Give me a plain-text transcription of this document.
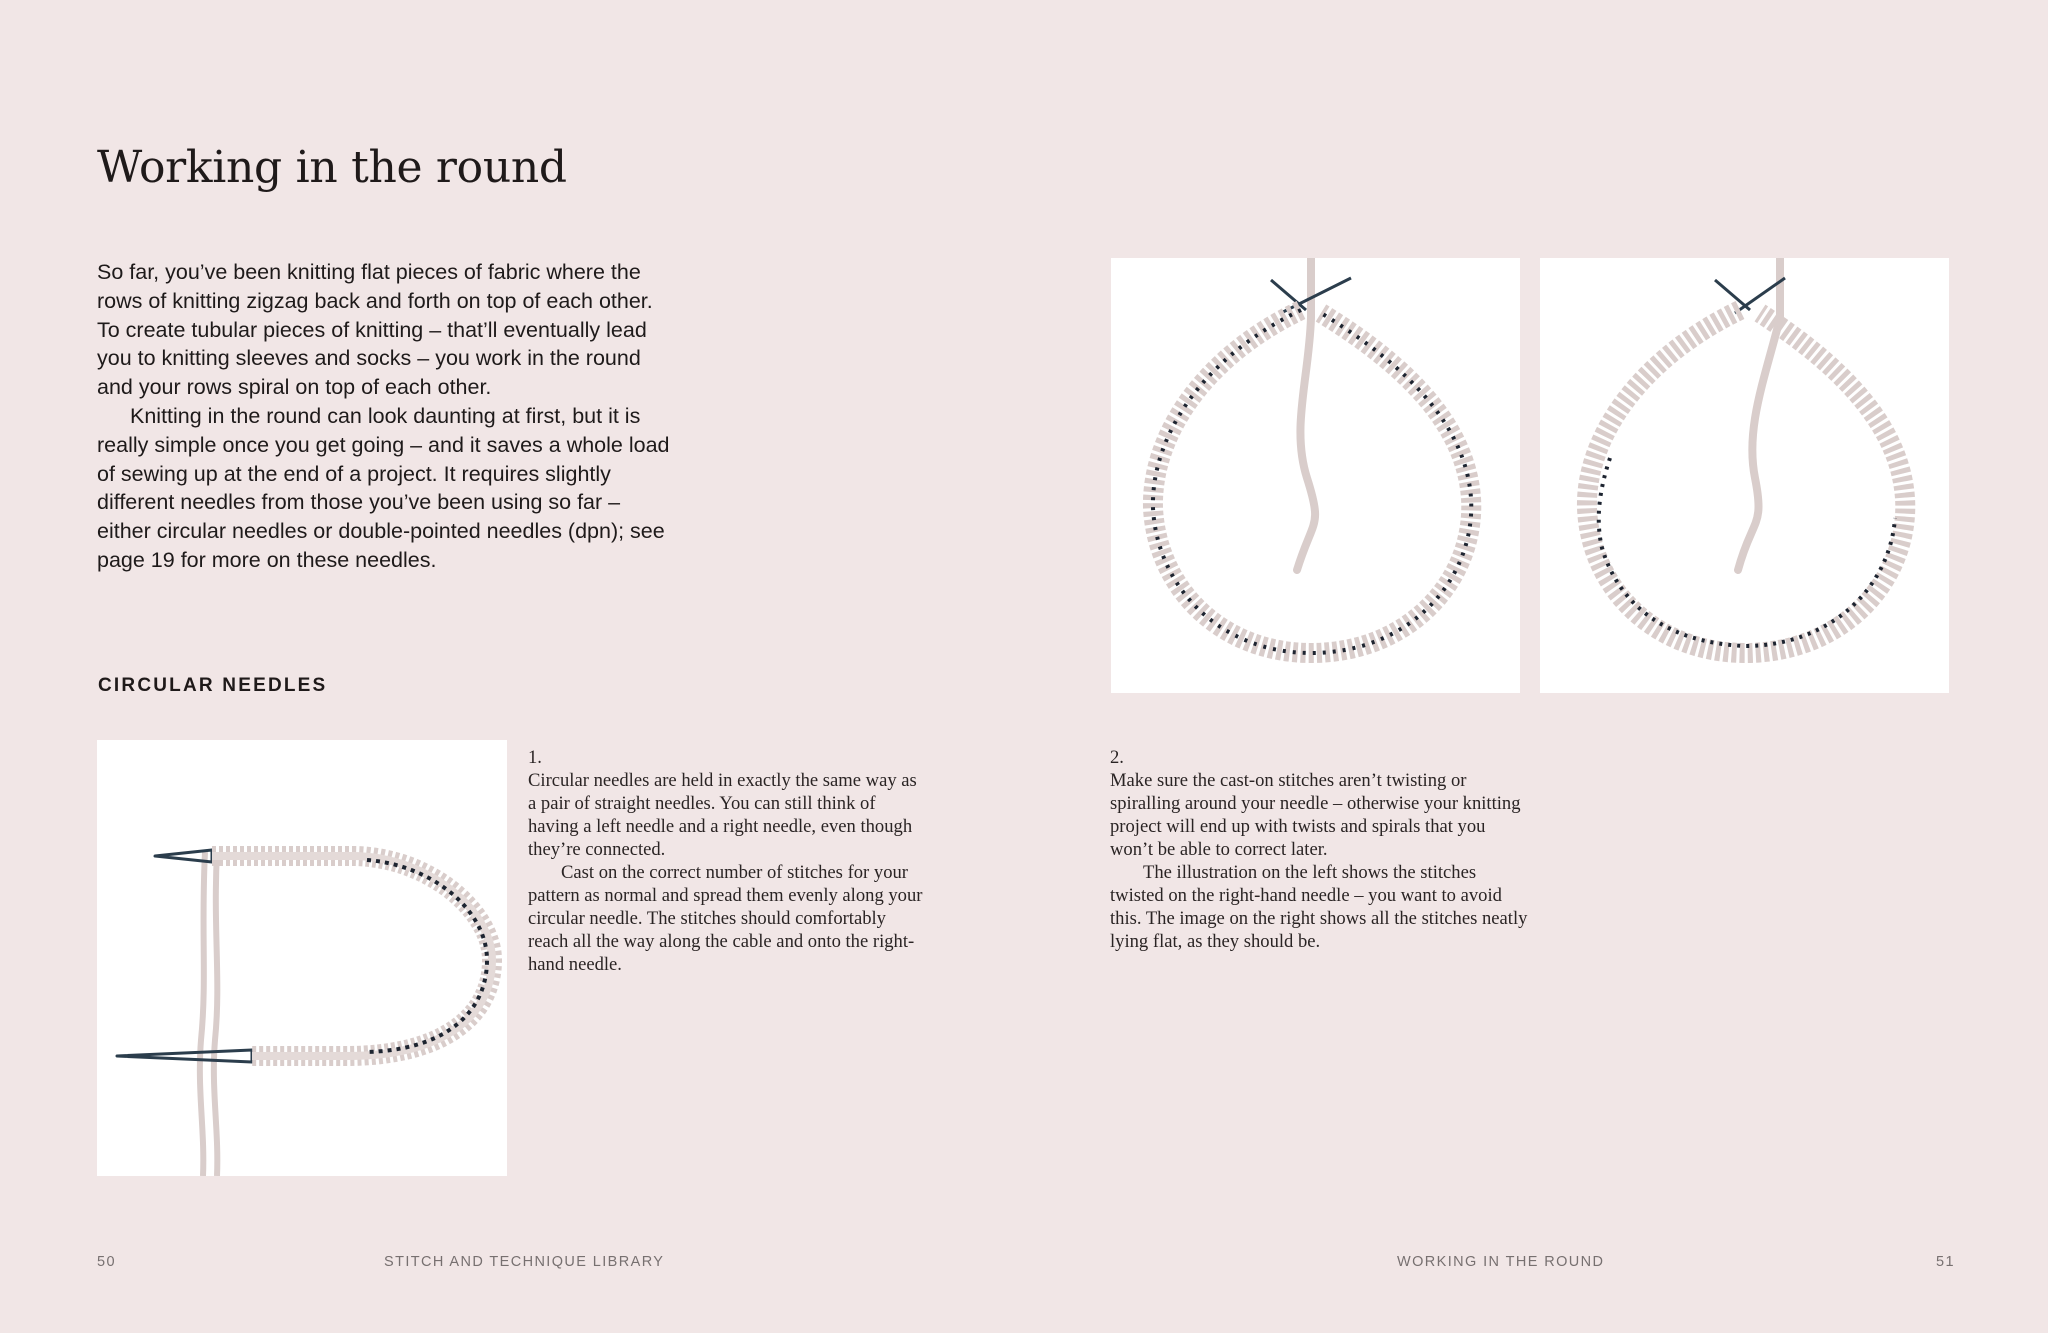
Working in the round

So far, you’ve been knitting flat pieces of fabric where the rows of knitting zigzag back and forth on top of each other. To create tubular pieces of knitting – that’ll eventually lead you to knitting sleeves and socks – you work in the round and your rows spiral on top of each other.

Knitting in the round can look daunting at first, but it is really simple once you get going – and it saves a whole load of sewing up at the end of a project. It requires slightly different needles from those you’ve been using so far – either circular needles or double-pointed needles (dpn); see page 19 for more on these needles.

CIRCULAR NEEDLES

1.

Circular needles are held in exactly the same way as a pair of straight needles. You can still think of having a left needle and a right needle, even though they’re connected.

Cast on the correct number of stitches for your pattern as normal and spread them evenly along your circular needle. The stitches should comfortably reach all the way along the cable and onto the right-hand needle.

2.

Make sure the cast-on stitches aren’t twisting or spiralling around your needle – otherwise your knitting project will end up with twists and spirals that you won’t be able to correct later.

The illustration on the left shows the stitches twisted on the right-hand needle – you want to avoid this. The image on the right shows all the stitches neatly lying flat, as they should be.

50	STITCH AND TECHNIQUE LIBRARY	WORKING IN THE ROUND	51
